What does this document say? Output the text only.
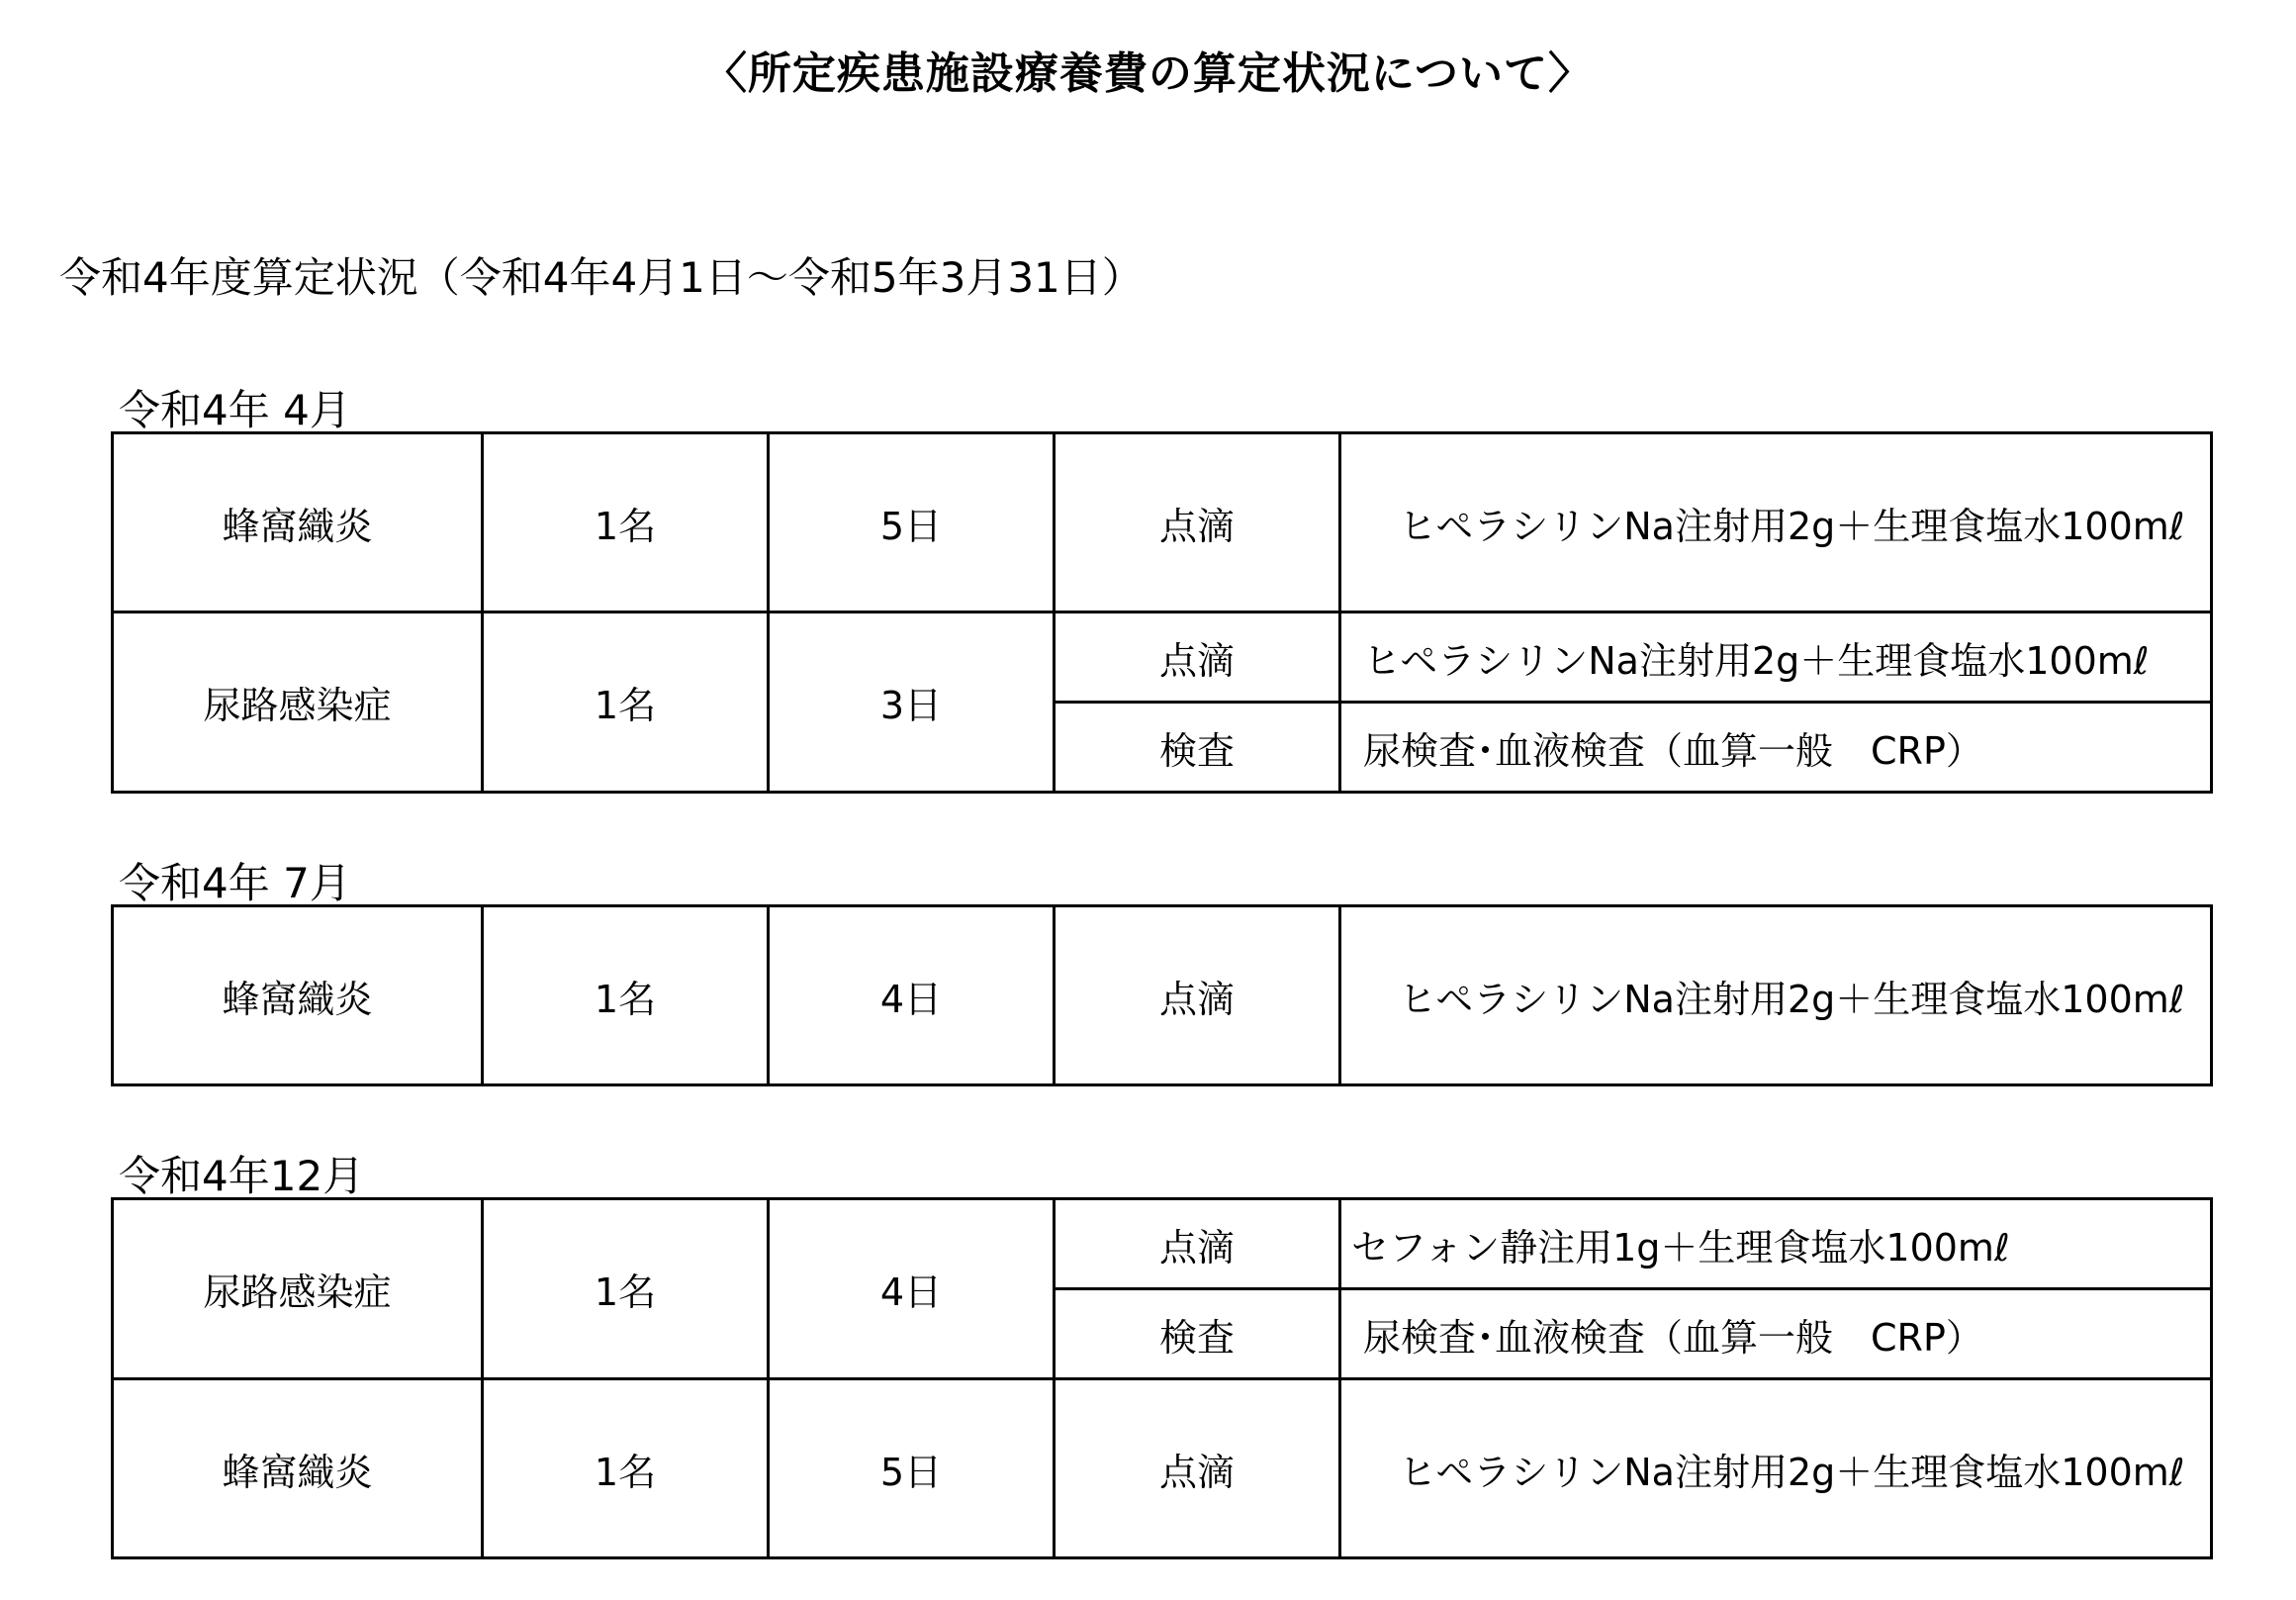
〈所定疾患施設療養費の算定状況について〉
令和4年度算定状況（令和4年4月1日～令和5年3月31日）
令和4年 4月
蜂窩織炎	1名	5日	点滴	ヒペラシリンNa注射用2g＋生理食塩水100mℓ
尿路感染症	1名	3日	点滴	ヒペラシリンNa注射用2g＋生理食塩水100mℓ
			検査	尿検査･血液検査（血算一般　CRP）
令和4年 7月
蜂窩織炎	1名	4日	点滴	ヒペラシリンNa注射用2g＋生理食塩水100mℓ
令和4年12月
尿路感染症	1名	4日	点滴	セフォン静注用1g＋生理食塩水100mℓ
			検査	尿検査･血液検査（血算一般　CRP）
蜂窩織炎	1名	5日	点滴	ヒペラシリンNa注射用2g＋生理食塩水100mℓ
